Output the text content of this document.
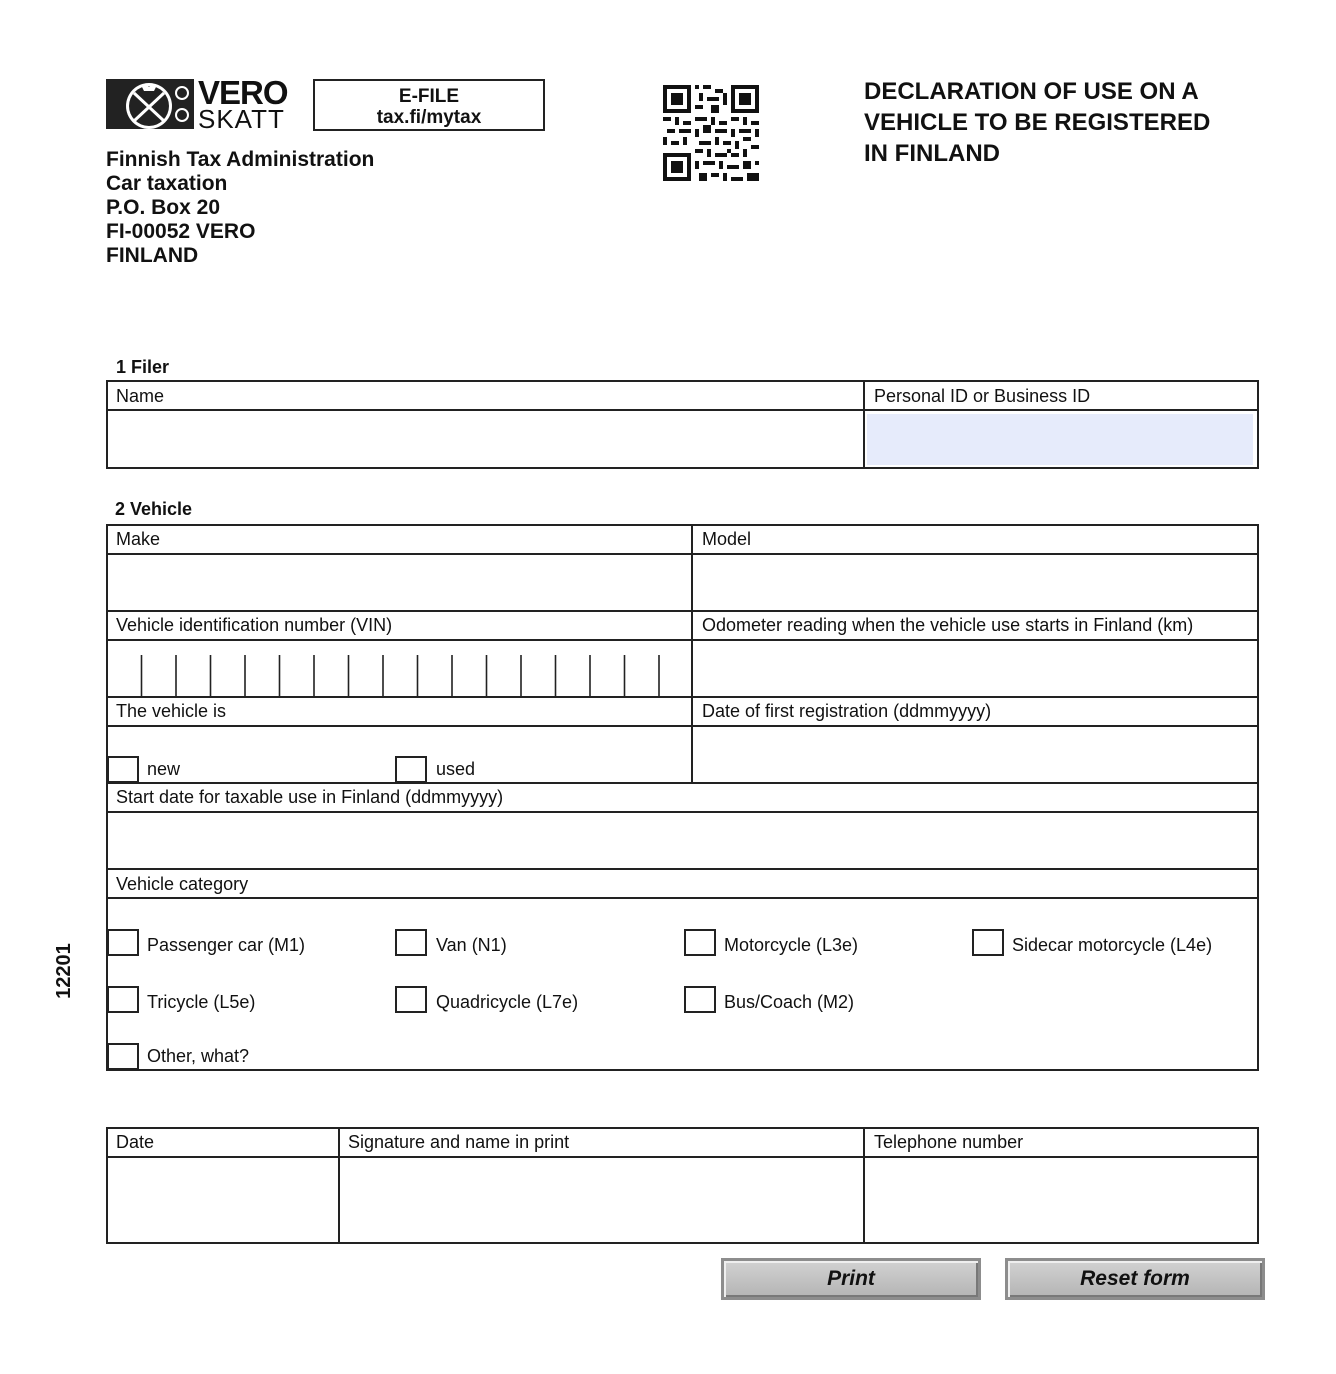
VERO
SKATT
E-FILE
tax.fi/mytax
DECLARATION OF USE ON A
VEHICLE TO BE REGISTERED
IN FINLAND
Finnish Tax Administration
Car taxation
P.O. Box 20
FI-00052 VERO
FINLAND
12201
1 Filer
Name	Personal ID or Business ID
2 Vehicle
Make	Model
Vehicle identification number (VIN)	Odometer reading when the vehicle use starts in Finland (km)
The vehicle is	Date of first registration (ddmmyyyy)
new	used
Start date for taxable use in Finland (ddmmyyyy)
Vehicle category
Passenger car (M1)	Van (N1)	Motorcycle (L3e)	Sidecar motorcycle (L4e)
Tricycle (L5e)	Quadricycle (L7e)	Bus/Coach (M2)
Other, what?
Date	Signature and name in print	Telephone number
Print	Reset form
